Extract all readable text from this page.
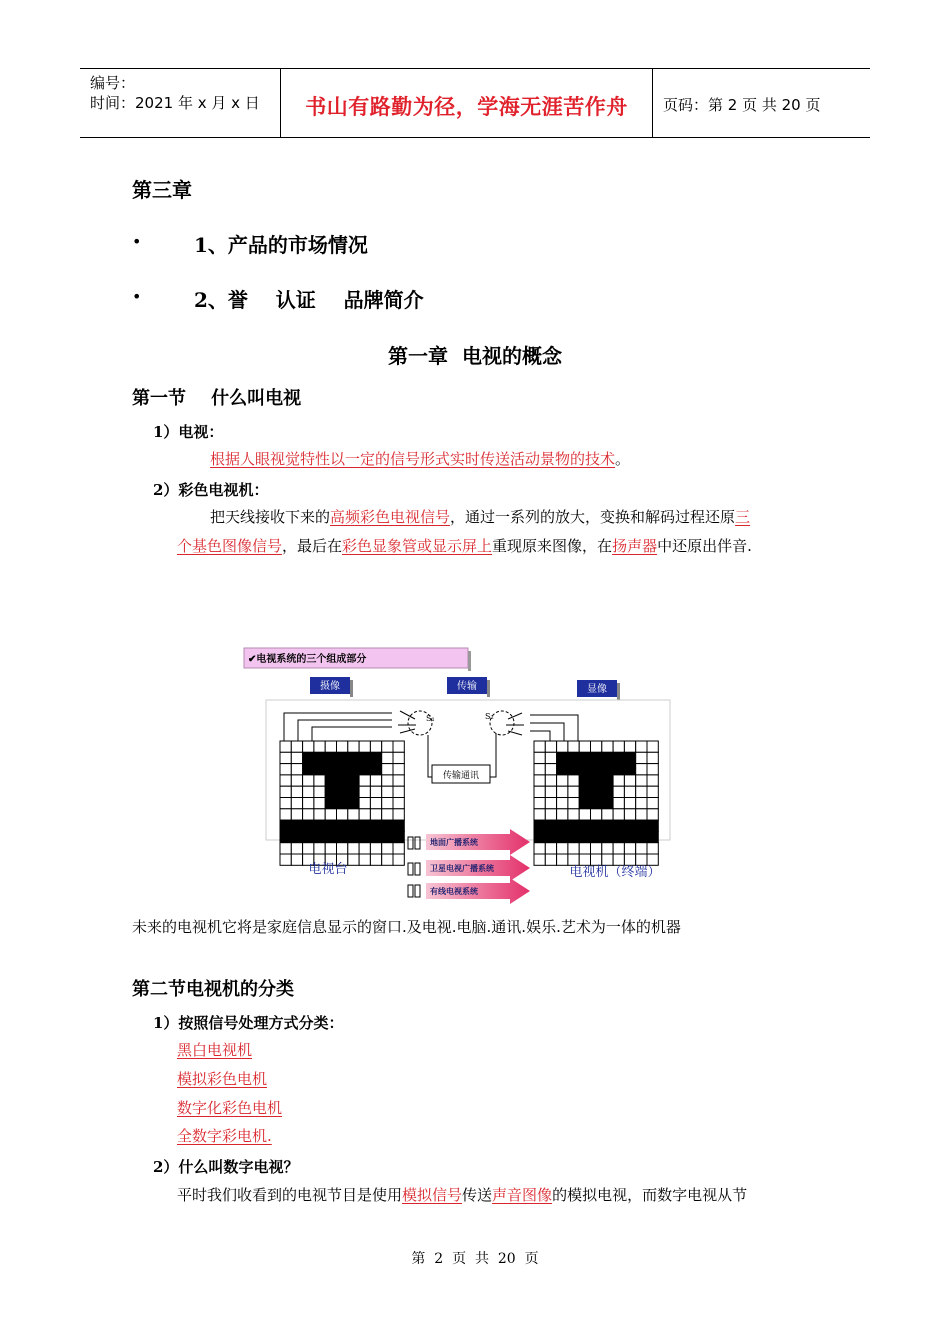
编号：
时间：2021 年 x 月 x 日	书山有路勤为径，学海无涯苦作舟	页码：第 2 页 共 20 页
第三章
•	1、产品的市场情况
•	2、誉    认证    品牌简介
第一章  电视的概念
第一节    什么叫电视
1）电视：
根据人眼视觉特性以一定的信号形式实时传送活动景物的技术。
2）彩色电视机：
把天线接收下来的高频彩色电视信号，通过一系列的放大，变换和解码过程还原三
个基色图像信号，最后在彩色显象管或显示屏上重现原来图像，在扬声器中还原出伴音.
✔电视系统的三个组成部分
摄像	传输	显像
S₁
传输通讯
S₂
光电转换	电光转换
地面广播系统
卫星电视广播系统
有线电视系统
电视台	电视机（终端）
未来的电视机它将是家庭信息显示的窗口.及电视.电脑.通讯.娱乐.艺术为一体的机器
第二节电视机的分类
1）按照信号处理方式分类：
黑白电视机
模拟彩色电机
数字化彩色电机
全数字彩电机.
2）什么叫数字电视？
平时我们收看到的电视节目是使用模拟信号传送声音图像的模拟电视，而数字电视从节
第  2  页  共  20  页
